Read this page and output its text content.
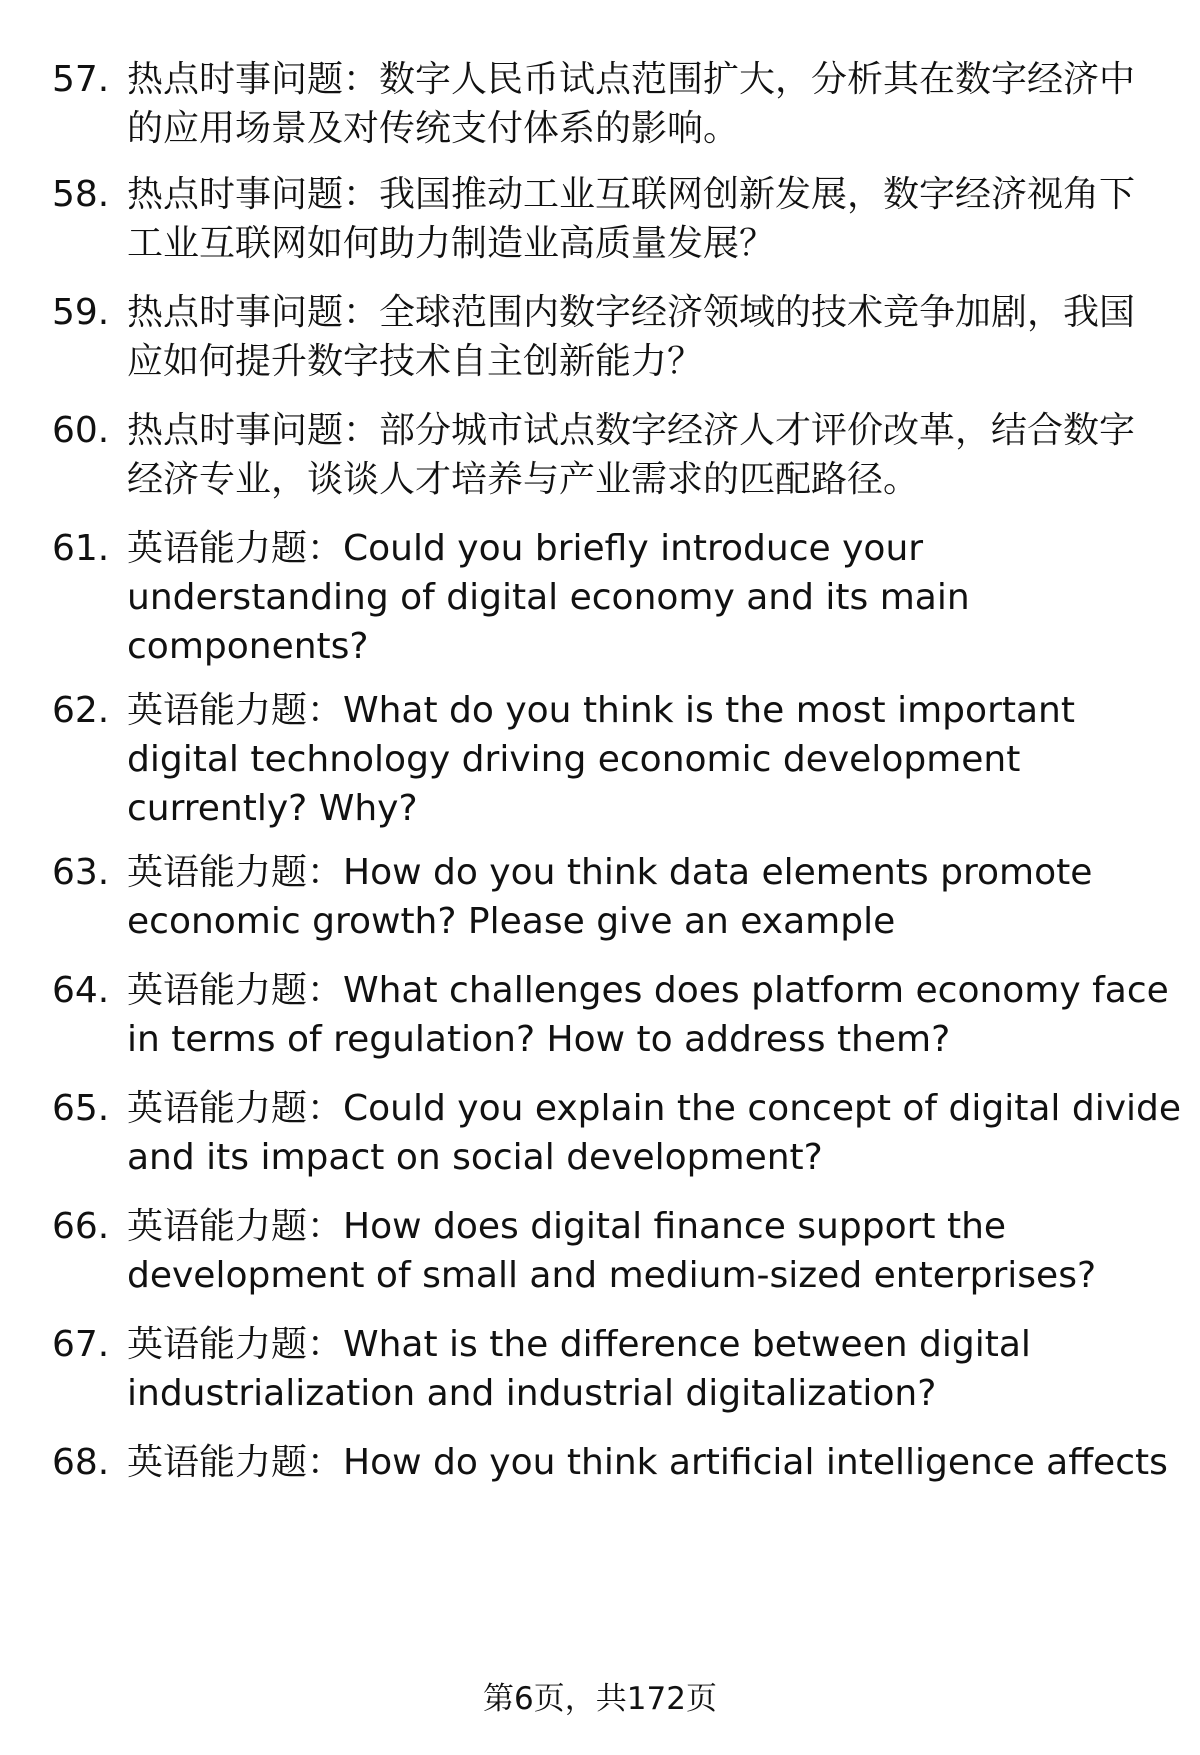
57. 热点时事问题：数字人民币试点范围扩大，分析其在数字经济中
的应用场景及对传统支付体系的影响。
58. 热点时事问题：我国推动工业互联网创新发展，数字经济视角下
工业互联网如何助力制造业高质量发展？
59. 热点时事问题：全球范围内数字经济领域的技术竞争加剧，我国
应如何提升数字技术自主创新能力？
60. 热点时事问题：部分城市试点数字经济人才评价改革，结合数字
经济专业，谈谈人才培养与产业需求的匹配路径。
61. 英语能力题：Could you briefly introduce your
understanding of digital economy and its main
components?
62. 英语能力题：What do you think is the most important
digital technology driving economic development
currently? Why?
63. 英语能力题：How do you think data elements promote
economic growth? Please give an example
64. 英语能力题：What challenges does platform economy face
in terms of regulation? How to address them?
65. 英语能力题：Could you explain the concept of digital divide
and its impact on social development?
66. 英语能力题：How does digital finance support the
development of small and medium-sized enterprises?
67. 英语能力题：What is the difference between digital
industrialization and industrial digitalization?
68. 英语能力题：How do you think artificial intelligence affects
第6页，共172页
